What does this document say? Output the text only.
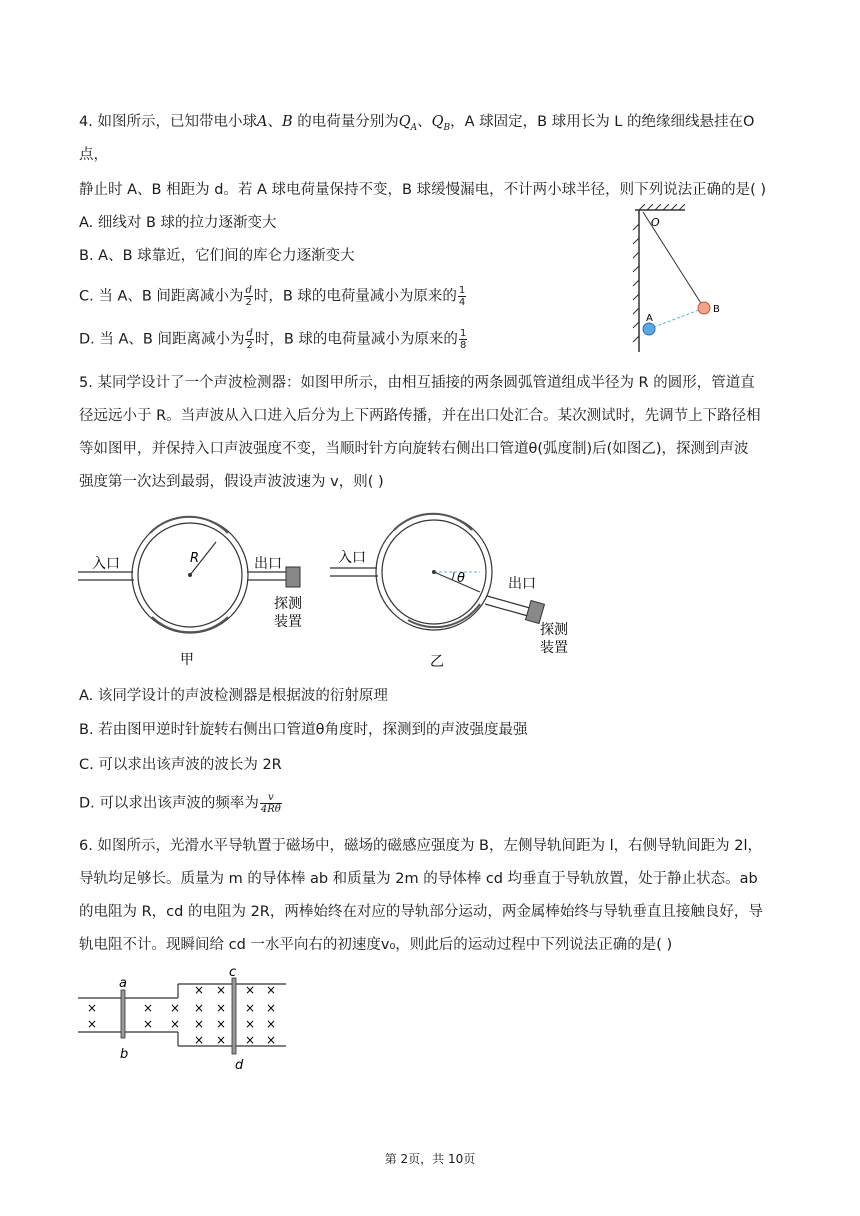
4. 如图所示，已知带电小球A、B 的电荷量分别为$Q_A$、$Q_B$，A 球固定，B 球用长为 L 的绝缘细线悬挂在O
点，
静止时 A、B 相距为 d。若 A 球电荷量保持不变，B 球缓慢漏电，不计两小球半径，则下列说法正确的是( )
A. 细线对 B 球的拉力逐渐变大
B. A、B 球靠近，它们间的库仑力逐渐变大
C. 当 A、B 间距离减小为 $\frac{d}{2}$ 时，B 球的电荷量减小为原来的 $\frac{1}{4}$
D. 当 A、B 间距离减小为 $\frac{d}{2}$ 时，B 球的电荷量减小为原来的 $\frac{1}{8}$
O
A
B
5. 某同学设计了一个声波检测器：如图甲所示，由相互插接的两条圆弧管道组成半径为 R 的圆形，管道直
径远远小于 R。当声波从入口进入后分为上下两路传播，并在出口处汇合。某次测试时，先调节上下路径相
等如图甲，并保持入口声波强度不变，当顺时针方向旋转右侧出口管道θ(弧度制)后(如图乙)，探测到声波
强度第一次达到最弱，假设声波波速为 v，则( )
入口	R	出口
探测
装置
甲
入口
θ	出口
探测
装置
乙
A. 该同学设计的声波检测器是根据波的衍射原理
B. 若由图甲逆时针旋转右侧出口管道θ角度时，探测到的声波强度最强
C. 可以求出该声波的波长为 2R
D. 可以求出该声波的频率为 $\frac{v}{4R\theta}$
6. 如图所示，光滑水平导轨置于磁场中，磁场的磁感应强度为 B，左侧导轨间距为 l，右侧导轨间距为 2l，
导轨均足够长。质量为 m 的导体棒 ab 和质量为 2m 的导体棒 cd 均垂直于导轨放置，处于静止状态。ab
的电阻为 R，cd 的电阻为 2R，两棒始终在对应的导轨部分运动，两金属棒始终与导轨垂直且接触良好，导
轨电阻不计。现瞬间给 cd 一水平向右的初速度v₀，则此后的运动过程中下列说法正确的是( )
×
×
×
×
×
×
×
×
×
×
×
×
×
×
×
×
×
×
×
×
×
×
a
b
c
d
第 2页，共 10页
